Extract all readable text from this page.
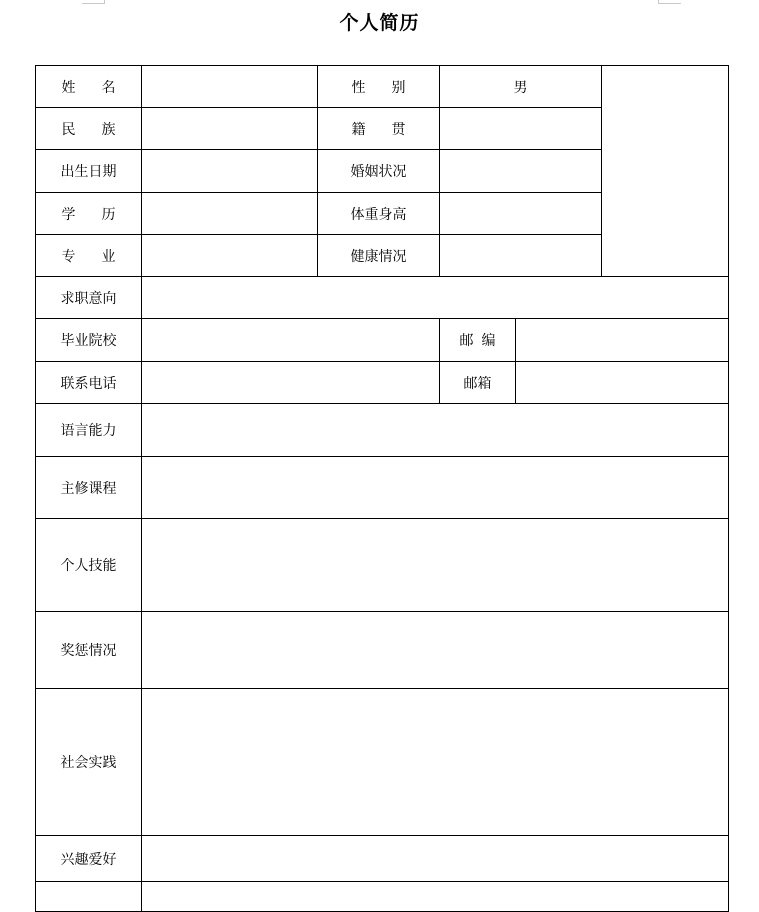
个人简历
姓 名		性 别	男		
民 族		籍 贯			
出生日期		婚姻状况			
学 历		体重身高			
专 业		健康情况			
求职意向					
毕业院校			邮 编		
联系电话			邮箱		
语言能力					
主修课程					
个人技能					
奖惩情况					
社会实践					
兴趣爱好					
